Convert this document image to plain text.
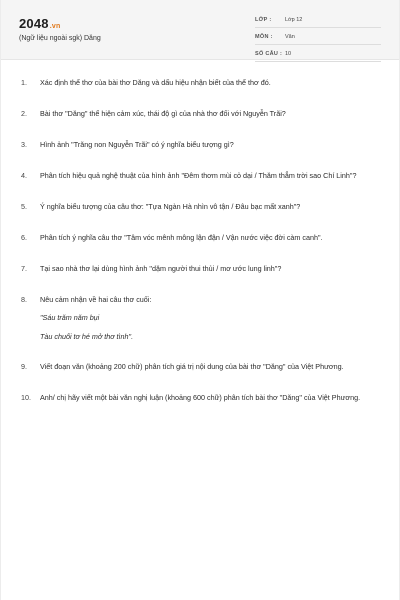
2048.vn
(Ngữ liệu ngoài sgk) Dăng
LỚP : Lớp 12
MÔN : Văn
SỐ CÂU : 10
1. Xác định thể thơ của bài thơ Dăng và dấu hiệu nhận biết của thể thơ đó.
2. Bài thơ "Dăng" thể hiện cảm xúc, thái độ gì của nhà thơ đối với Nguyễn Trãi?
3. Hình ảnh "Trăng non Nguyễn Trãi" có ý nghĩa biểu tượng gì?
4. Phân tích hiệu quả nghệ thuật của hình ảnh "Đêm thơm mùi cỏ dại / Thăm thẳm trời sao Chí Linh"?
5. Ý nghĩa biểu tượng của câu thơ: "Tựa Ngàn Hà nhìn vô tận / Đâu bạc mất xanh"?
6. Phân tích ý nghĩa câu thơ "Tâm vóc mênh mông lận đận / Vận nước việc đời càm canh".
7. Tại sao nhà thơ lại dùng hình ảnh "dặm người thui thủi / mơ ước lung linh"?
8. Nêu cảm nhận về hai câu thơ cuối:
"Sáu trăm năm bụi
Tàu chuối tơ hé mở thơ tình".
9. Viết đoạn văn (khoảng 200 chữ) phân tích giá trị nội dung của bài thơ "Dăng" của Việt Phương.
10. Anh/ chị hãy viết một bài văn nghị luận (khoảng 600 chữ) phân tích bài thơ "Dăng" của Việt Phương.
